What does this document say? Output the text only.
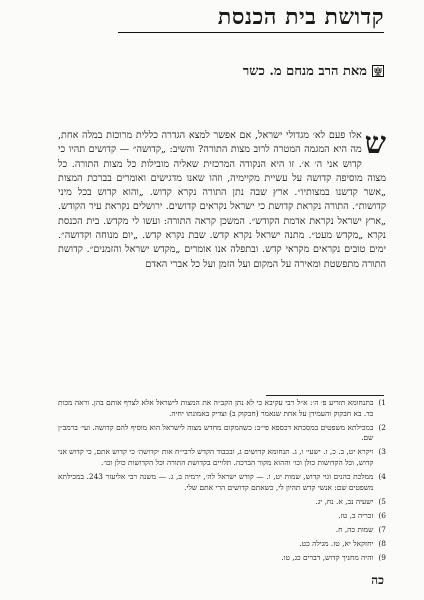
קדושת בית הכנסת
מאת הרב מנחם מ. כשר
ש
אלו פעם לא׳ מגדולי ישראל, אם אפשר למצא הגדרה כללית מרוכזת במלה אחת, מה היא המגמה המטרה לרוב מצות התורה? והשיב: „קדושה״ — קדושים תהיו כי קדוש אני ה׳ א׳. זו היא הנקודה המרכזית שאליה מובילות כל מצות התורה. כל מצוה מוסיפה קדושה על עשיית מקיימיה, וזהו שאנו מדגישים ואומרים בברכת המצות „אשר קדשנו במצותיו״. ארץ שבה נתן התורה נקרא קדוש. „והוא קדוש בכל מיני קדושות״. התורה נקראת קדושת כי ישראל נקראים קדושים. ירושלים נקראת עיר הקודש. „ארץ ישראל נקראת אדמת הקודש״. המשכן קראה התורה: ועשו לי מקדש. בית הכנסת נקרא „מקדש מעט״. מתנה ישראל נקרא קדש. שבת נקרא קדש. „יום מנוחה וקדושה״. ימים טובים נקראים מקראי קדש. ובתפלה אנו אומרים „מקדש ישראל והזמנים״. קדושת התורה מתפשטת ומאירה על המקום ועל הזמן ועל כל אברי האדם
1)
בתנחומא תזריע פ׳ ה׳: א״ל רבי עקיבא כי לא נתן הקב״ה את המצות לישראל אלא לצרף אותם בהן. וראה מכות כד. בא חבקוק והעמידן על אחת שנאמר (חבקוק ב) וצדיק באמונתו יחיה.
2)
במכילתא משפטים במסכתא דכספא פי״ב: כשהמקום מחדש מצוה לישראל הוא מוסיף להם קדושה. ועי׳ ברמב״ן שם.
3)
ויקרא יט, ב. כ, ז. ישעי׳ ו, ג. תנחומא קדושים ג, ובכבוד הקדש לרבי״ח אות ׳קדושה׳ כי קדוש אתם, כי קדוש אני קדוש, וכל הקדושות כולן וכו׳ וההוא מקור הברכה. תלויים בקדושת התורה וכל הקדושות כולן וכו׳.
4)
ממלכת כהנים וגוי קדוש, שמות יט, ו. — קודש ישראל לה׳, ירמיה ב, ג. — משנה רבי אליעזר 243. במכילתא משפטים שם: אנשי קדש תהיון לי, כשאתם קדושים הרי אתם שלי.
5)
ישעיה נב, א. נח, יג.
6)
זכריה ב, טז.
7)
שמות כה, ח.
8)
יחזקאל יא, טז. מגילה כט.
9)
והיה מחניך קדוש, דברים כג, טו.
כה
